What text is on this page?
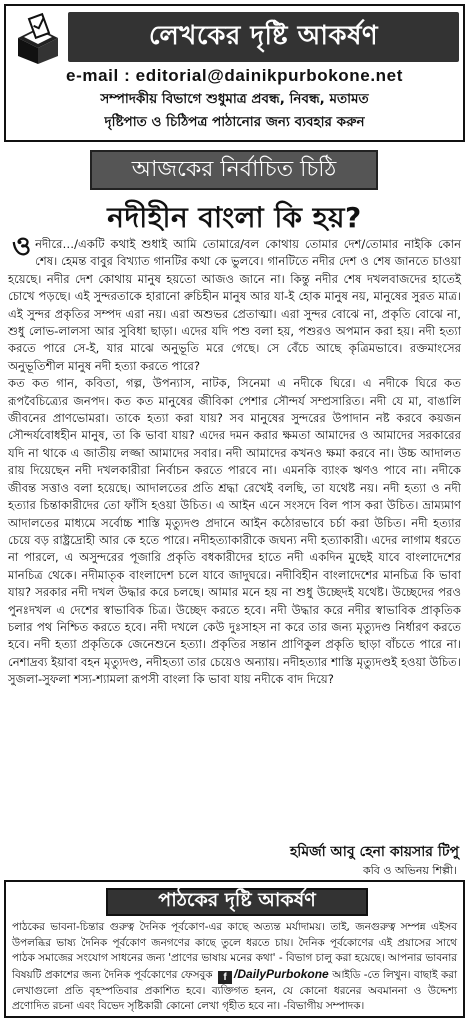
লেখকের দৃষ্টি আকর্ষণ
e-mail : editorial@dainikpurbokone.net
সম্পাদকীয় বিভাগে শুধুমাত্র প্রবন্ধ, নিবন্ধ, মতামত
দৃষ্টিপাত ও চিঠিপত্র পাঠানোর জন্য ব্যবহার করুন
আজকের নির্বাচিত চিঠি
নদীহীন বাংলা কি হয়?

ও নদীরে…/একটি কথাই শুধাই আমি তোমারে/বল কোথায় তোমার দেশ/তোমার নাইকি কোন শেষ। হেমন্ত বাবুর বিখ্যাত গানটির কথা কে ভুলবে। গানটিতে নদীর দেশ ও শেষ জানতে চাওয়া হয়েছে। নদীর দেশ কোথায় মানুষ হয়তো আজও জানে না। কিন্তু নদীর শেষ দখলবাজদের হাতেই চোখে পড়ছে। এই সুন্দরতাকে হারানো রুচিহীন মানুষ আর যা-ই হোক মানুষ নয়, মানুষের সুরত মাত্র। এই সুন্দর প্রকৃতির সম্পদ এরা নয়। এরা অশুভর প্রেতাত্মা। এরা সুন্দর বোঝে না, প্রকৃতি বোঝে না, শুধু লোভ-লালসা আর সুবিধা ছাড়া। এদের যদি পশু বলা হয়, পশুরও অপমান করা হয়। নদী হত্যা করতে পারে সে-ই, যার মাঝে অনুভূতি মরে গেছে। সে বেঁচে আছে কৃত্রিমভাবে। রক্তমাংসের অনুভূতিশীল মানুষ নদী হত্যা করতে পারে?

কত কত গান, কবিতা, গল্প, উপন্যাস, নাটক, সিনেমা এ নদীকে ঘিরে। এ নদীকে ঘিরে কত রূপবৈচিত্র্যের জনপদ। কত কত মানুষের জীবিকা পেশার সৌন্দর্য সম্প্রসারিত। নদী যে মা, বাঙালি জীবনের প্রাণভোমরা। তাকে হত্যা করা যায়? সব মানুষের সুন্দরের উপাদান নষ্ট করবে কয়জন সৌন্দর্যবোধহীন মানুষ, তা কি ভাবা যায়? এদের দমন করার ক্ষমতা আমাদের ও আমাদের সরকারের যদি না থাকে এ জাতীয় লজ্জা আমাদের সবার। নদী আমাদের কখনও ক্ষমা করবে না। উচ্চ আদালত রায় দিয়েছেন নদী দখলকারীরা নির্বাচন করতে পারবে না। এমনকি ব্যাংক ঋণও পাবে না। নদীকে জীবন্ত সত্তাও বলা হয়েছে। আদালতের প্রতি শ্রদ্ধা রেখেই বলছি, তা যথেষ্ট নয়। নদী হত্যা ও নদী হত্যার চিন্তাকারীদের তো ফাঁসি হওয়া উচিত। এ আইন এনে সংসদে বিল পাস করা উচিত। ভ্রাম্যমাণ আদালতের মাধ্যমে সর্বোচ্চ শাস্তি মৃত্যুদণ্ড প্রদানে আইন কঠোরভাবে চর্চা করা উচিত। নদী হত্যার চেয়ে বড় রাষ্ট্রদ্রোহী আর কে হতে পারে। নদীহত্যাকারীকে জঘন্য নদী হত্যাকারী। এদের লাগাম ধরতে না পারলে, এ অসুন্দরের পূজারি প্রকৃতি বধকারীদের হাতে নদী একদিন মুছেই যাবে বাংলাদেশের মানচিত্র থেকে। নদীমাতৃক বাংলাদেশ চলে যাবে জাদুঘরে। নদীবিহীন বাংলাদেশের মানচিত্র কি ভাবা যায়? সরকার নদী দখল উদ্ধার করে চলছে। আমার মনে হয় না শুধু উচ্ছেদই যথেষ্ট। উচ্ছেদের পরও পুনঃদখল এ দেশের স্বাভাবিক চিত্র। উচ্ছেদ করতে হবে। নদী উদ্ধার করে নদীর স্বাভাবিক প্রাকৃতিক চলার পথ নিশ্চিত করতে হবে। নদী দখলে কেউ দুঃসাহস না করে তার জন্য মৃত্যুদণ্ড নির্ধারণ করতে হবে। নদী হত্যা প্রকৃতিকে জেনেশুনে হত্যা। প্রকৃতির সন্তান প্রাণিকুল প্রকৃতি ছাড়া বাঁচতে পারে না। নেশাদ্রব্য ইয়াবা বহন মৃত্যুদণ্ড, নদীহত্যা তার চেয়েও অন্যায়। নদীহত্যার শাস্তি মৃত্যুদণ্ডই হওয়া উচিত। সুজলা-সুফলা শস্য-শ্যামলা রূপসী বাংলা কি ভাবা যায় নদীকে বাদ দিয়ে?

হমির্জা আবু হেনা কায়সার টিপু
কবি ও অভিনয় শিল্পী।
পাঠকের দৃষ্টি আকর্ষণ
পাঠকের ভাবনা-চিন্তার গুরুত্ব দৈনিক পূর্বকোণ-এর কাছে অত্যন্ত মর্যাদাময়। তাই, জনগুরুত্ব সম্পন্ন এইসব উপলব্ধির ভাষ্য দৈনিক পূর্বকোণ জনগণের কাছে তুলে ধরতে চায়। দৈনিক পূর্বকোণের এই প্রয়াসের সাথে পাঠক সমাজের সংযোগ সাধনের জন্য 'প্রাণের ভাষায় মনের কথা' - বিভাগ চালু করা হয়েছে। আপনার ভাবনার বিষয়টি প্রকাশের জন্য দৈনিক পূর্বকোণের ফেসবুক f /DailyPurbokone আইডি -তে লিখুন। বাছাই করা লেখাগুলো প্রতি বৃহস্পতিবার প্রকাশিত হবে। ব্যক্তিগত হনন, যে কোনো ধরনের অবমাননা ও উদ্দেশ্য প্রণোদিত রচনা এবং বিভেদ সৃষ্টিকারী কোনো লেখা গৃহীত হবে না। -বিভাগীয় সম্পাদক।
